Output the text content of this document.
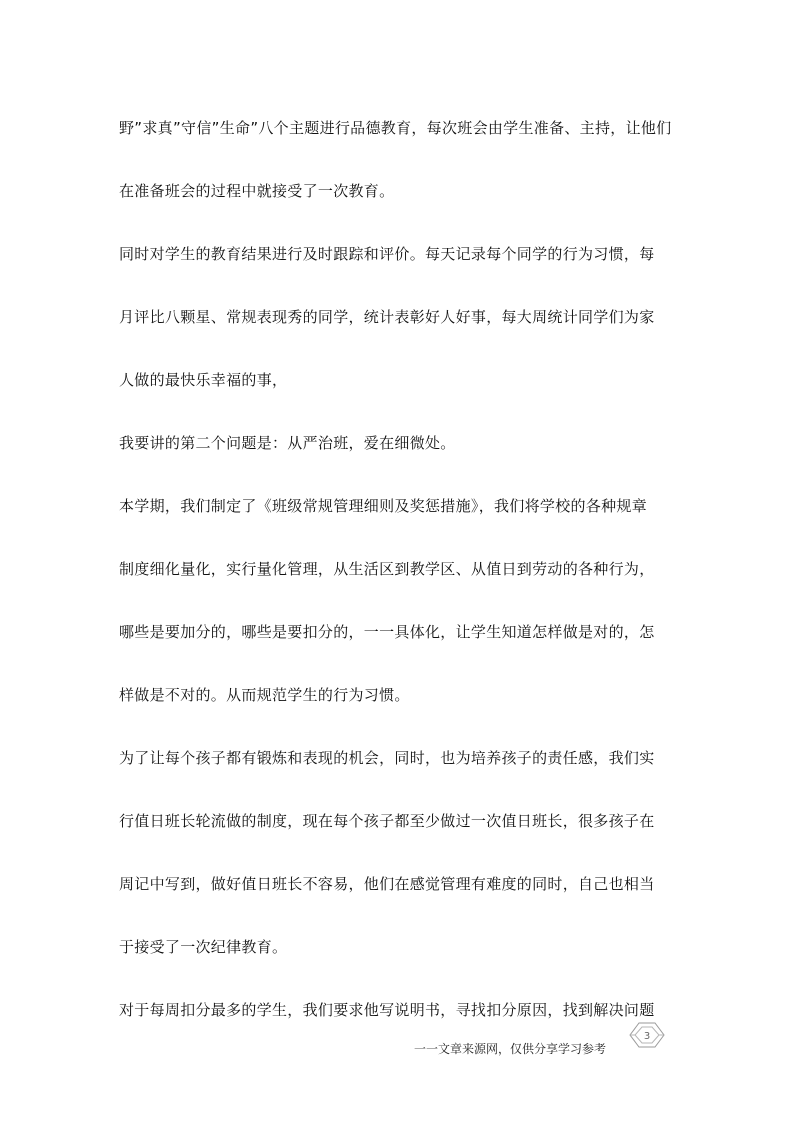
野”求真”守信”生命”八个主题进行品德教育，每次班会由学生准备、主持，让他们
在准备班会的过程中就接受了一次教育。
同时对学生的教育结果进行及时跟踪和评价。每天记录每个同学的行为习惯，每
月评比八颗星、常规表现秀的同学，统计表彰好人好事，每大周统计同学们为家
人做的最快乐幸福的事，
我要讲的第二个问题是：从严治班，爱在细微处。
本学期，我们制定了《班级常规管理细则及奖惩措施》，我们将学校的各种规章
制度细化量化，实行量化管理，从生活区到教学区、从值日到劳动的各种行为，
哪些是要加分的，哪些是要扣分的，一一具体化，让学生知道怎样做是对的，怎
样做是不对的。从而规范学生的行为习惯。
为了让每个孩子都有锻炼和表现的机会，同时，也为培养孩子的责任感，我们实
行值日班长轮流做的制度，现在每个孩子都至少做过一次值日班长，很多孩子在
周记中写到，做好值日班长不容易，他们在感觉管理有难度的同时，自己也相当
于接受了一次纪律教育。
对于每周扣分最多的学生，我们要求他写说明书，寻找扣分原因，找到解决问题
3
一一文章来源网，仅供分享学习参考
